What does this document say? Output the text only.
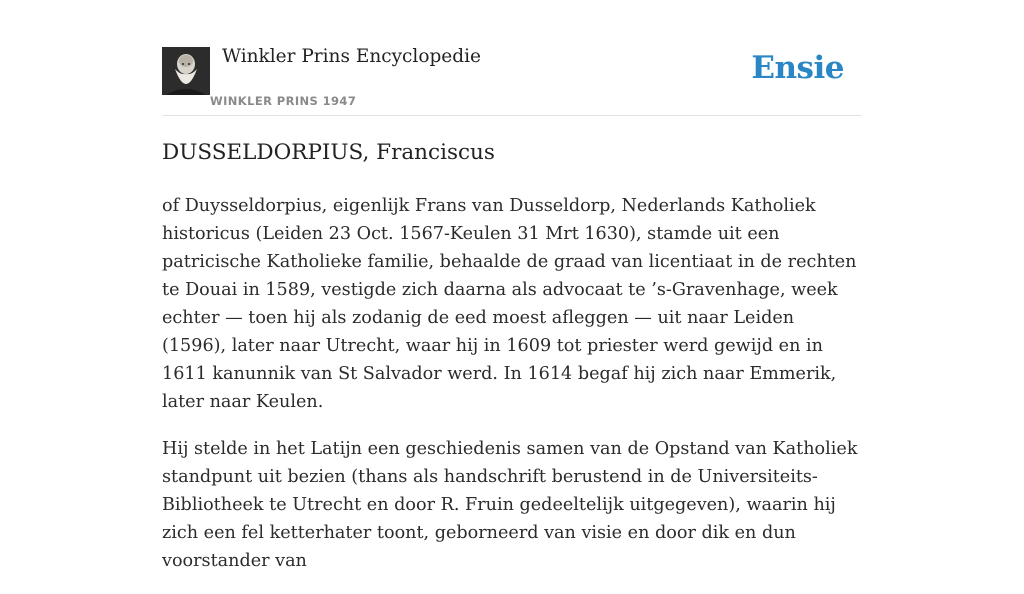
Winkler Prins Encyclopedie
WINKLER PRINS 1947
Ensie
DUSSELDORPIUS, Franciscus

of Duysseldorpius, eigenlijk Frans van Dusseldorp, Nederlands Katholiek historicus (Leiden 23 Oct. 1567-Keulen 31 Mrt 1630), stamde uit een patricische Katholieke familie, behaalde de graad van licentiaat in de rechten te Douai in 1589, vestigde zich daarna als advocaat te ’s-Gravenhage, week echter — toen hij als zodanig de eed moest afleggen — uit naar Leiden (1596), later naar Utrecht, waar hij in 1609 tot priester werd gewijd en in 1611 kanunnik van St Salvador werd. In 1614 begaf hij zich naar Emmerik, later naar Keulen.

Hij stelde in het Latijn een geschiedenis samen van de Opstand van Katholiek standpunt uit bezien (thans als handschrift berustend in de Universiteits-Bibliotheek te Utrecht en door R. Fruin gedeeltelijk uitgegeven), waarin hij zich een fel ketterhater toont, geborneerd van visie en door dik en dun voorstander van
